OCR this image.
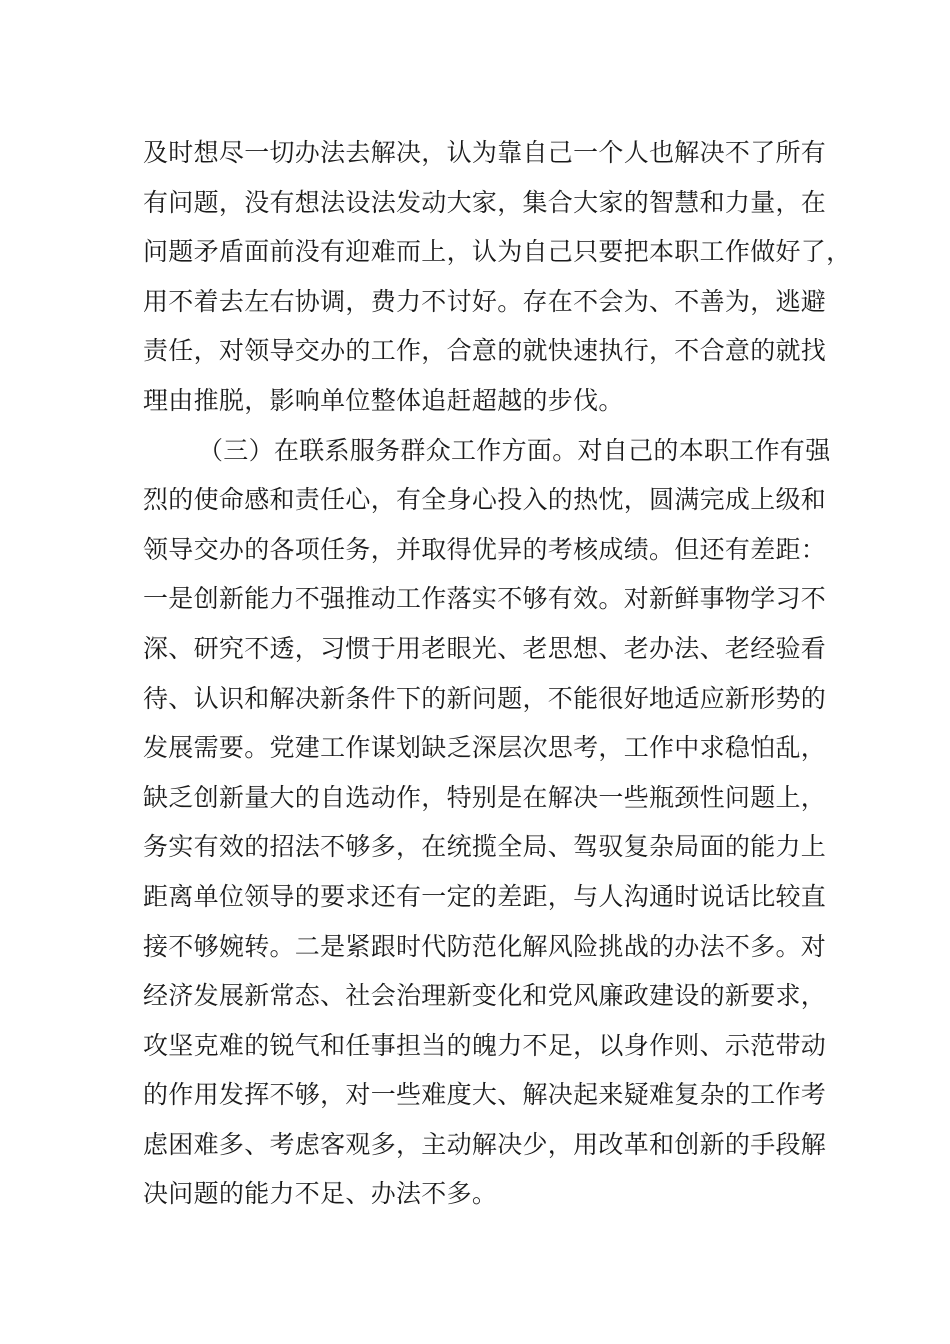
及时想尽一切办法去解决，认为靠自己一个人也解决不了所有
有问题，没有想法设法发动大家，集合大家的智慧和力量，在
问题矛盾面前没有迎难而上，认为自己只要把本职工作做好了，
用不着去左右协调，费力不讨好。存在不会为、不善为，逃避
责任，对领导交办的工作，合意的就快速执行，不合意的就找
理由推脱，影响单位整体追赶超越的步伐。
（三）在联系服务群众工作方面。对自己的本职工作有强
烈的使命感和责任心，有全身心投入的热忱，圆满完成上级和
领导交办的各项任务，并取得优异的考核成绩。但还有差距：
一是创新能力不强推动工作落实不够有效。对新鲜事物学习不
深、研究不透，习惯于用老眼光、老思想、老办法、老经验看
待、认识和解决新条件下的新问题，不能很好地适应新形势的
发展需要。党建工作谋划缺乏深层次思考，工作中求稳怕乱，
缺乏创新量大的自选动作，特别是在解决一些瓶颈性问题上，
务实有效的招法不够多，在统揽全局、驾驭复杂局面的能力上
距离单位领导的要求还有一定的差距，与人沟通时说话比较直
接不够婉转。二是紧跟时代防范化解风险挑战的办法不多。对
经济发展新常态、社会治理新变化和党风廉政建设的新要求，
攻坚克难的锐气和任事担当的魄力不足，以身作则、示范带动
的作用发挥不够，对一些难度大、解决起来疑难复杂的工作考
虑困难多、考虑客观多，主动解决少，用改革和创新的手段解
决问题的能力不足、办法不多。
